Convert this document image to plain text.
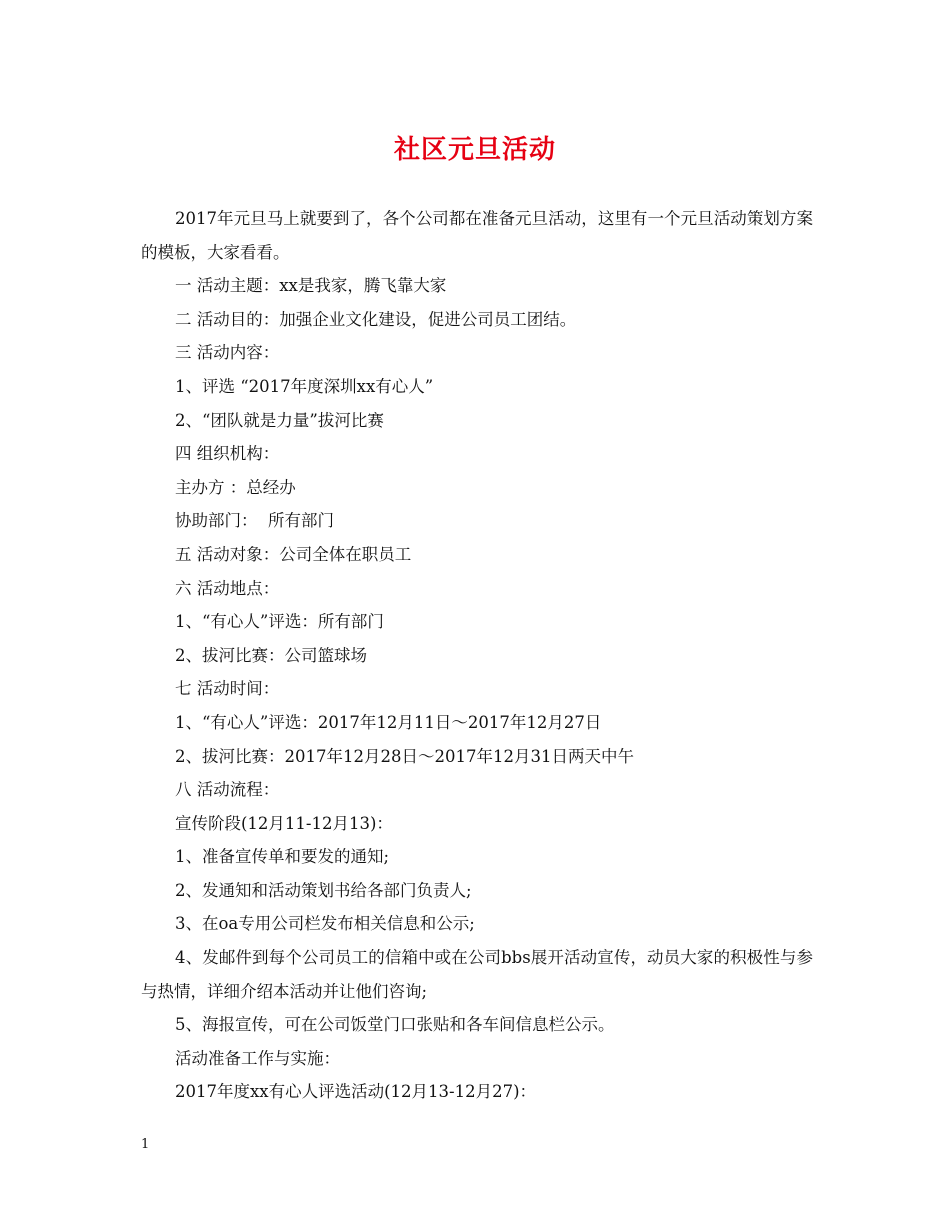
社区元旦活动

2017年元旦马上就要到了，各个公司都在准备元旦活动，这里有一个元旦活动策划方案的模板，大家看看。

一 活动主题：xx是我家，腾飞靠大家

二 活动目的：加强企业文化建设，促进公司员工团结。

三 活动内容：

1、评选 “2017年度深圳xx有心人”

2、“团队就是力量”拔河比赛

四 组织机构：

主办方 ：总经办

协助部门：  所有部门

五 活动对象：公司全体在职员工

六 活动地点：

1、“有心人”评选：所有部门

2、拔河比赛：公司篮球场

七 活动时间：

1、“有心人”评选：2017年12月11日～2017年12月27日

2、拔河比赛：2017年12月28日～2017年12月31日两天中午

八 活动流程：

宣传阶段(12月11-12月13)：

1、准备宣传单和要发的通知;

2、发通知和活动策划书给各部门负责人;

3、在oa专用公司栏发布相关信息和公示;

4、发邮件到每个公司员工的信箱中或在公司bbs展开活动宣传，动员大家的积极性与参与热情，详细介绍本活动并让他们咨询;

5、海报宣传，可在公司饭堂门口张贴和各车间信息栏公示。

活动准备工作与实施：

2017年度xx有心人评选活动(12月13-12月27)：

1
